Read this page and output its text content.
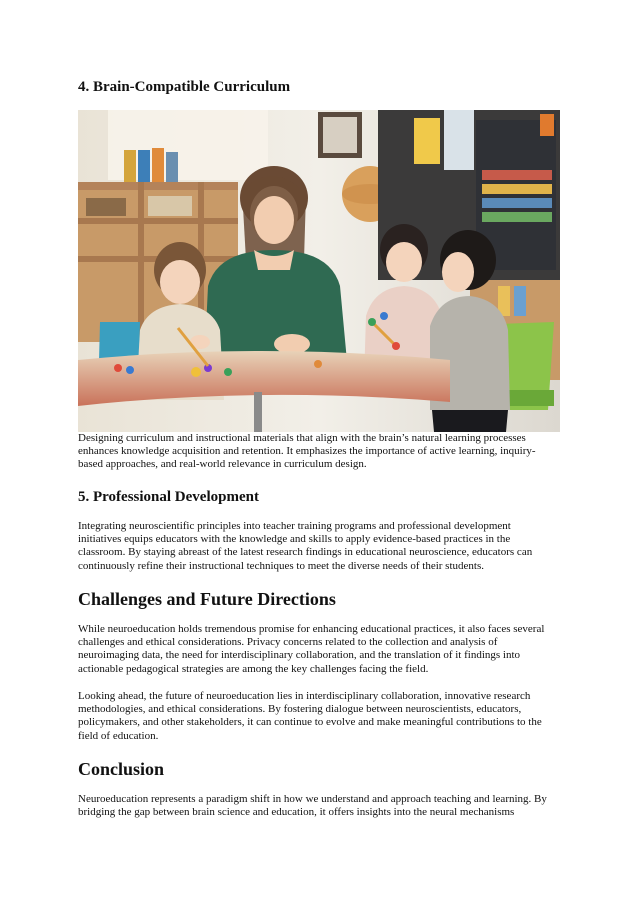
4. Brain-Compatible Curriculum
Designing curriculum and instructional materials that align with the brain’s natural learning processes
enhances knowledge acquisition and retention. It emphasizes the importance of active learning, inquiry-
based approaches, and real-world relevance in curriculum design.
5. Professional Development
Integrating neuroscientific principles into teacher training programs and professional development
initiatives equips educators with the knowledge and skills to apply evidence-based practices in the
classroom. By staying abreast of the latest research findings in educational neuroscience, educators can
continuously refine their instructional techniques to meet the diverse needs of their students.
Challenges and Future Directions
While neuroeducation holds tremendous promise for enhancing educational practices, it also faces several
challenges and ethical considerations. Privacy concerns related to the collection and analysis of
neuroimaging data, the need for interdisciplinary collaboration, and the translation of it findings into
actionable pedagogical strategies are among the key challenges facing the field.
Looking ahead, the future of neuroeducation lies in interdisciplinary collaboration, innovative research
methodologies, and ethical considerations. By fostering dialogue between neuroscientists, educators,
policymakers, and other stakeholders, it can continue to evolve and make meaningful contributions to the
field of education.
Conclusion
Neuroeducation represents a paradigm shift in how we understand and approach teaching and learning. By
bridging the gap between brain science and education, it offers insights into the neural mechanisms
